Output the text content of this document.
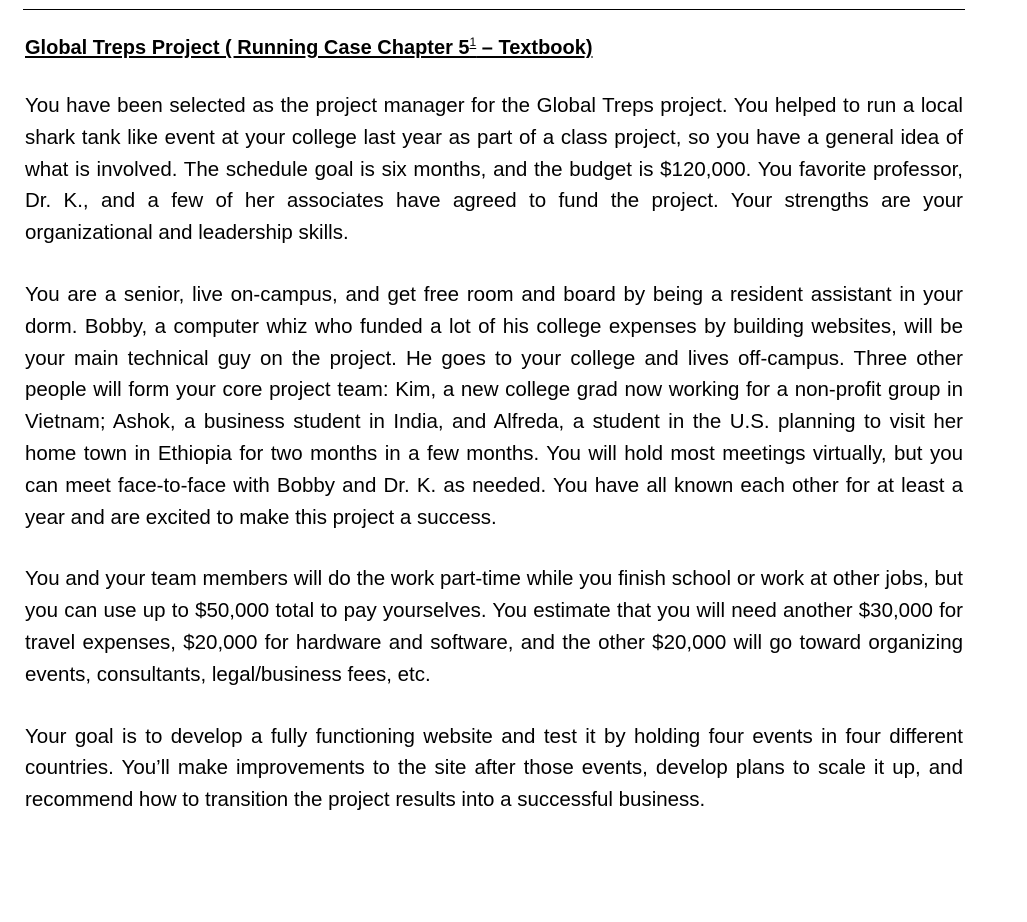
Global Treps Project ( Running Case Chapter $5^1$ – Textbook)

You have been selected as the project manager for the Global Treps project. You helped to run a local shark tank like event at your college last year as part of a class project, so you have a general idea of what is involved. The schedule goal is six months, and the budget is $120,000. You favorite professor, Dr. K., and a few of her associates have agreed to fund the project. Your strengths are your organizational and leadership skills.

You are a senior, live on-campus, and get free room and board by being a resident assistant in your dorm. Bobby, a computer whiz who funded a lot of his college expenses by building websites, will be your main technical guy on the project. He goes to your college and lives off-campus. Three other people will form your core project team: Kim, a new college grad now working for a non-profit group in Vietnam; Ashok, a business student in India, and Alfreda, a student in the U.S. planning to visit her home town in Ethiopia for two months in a few months. You will hold most meetings virtually, but you can meet face-to-face with Bobby and Dr. K. as needed. You have all known each other for at least a year and are excited to make this project a success.

You and your team members will do the work part-time while you finish school or work at other jobs, but you can use up to $50,000 total to pay yourselves. You estimate that you will need another $30,000 for travel expenses, $20,000 for hardware and software, and the other $20,000 will go toward organizing events, consultants, legal/business fees, etc.

Your goal is to develop a fully functioning website and test it by holding four events in four different countries. You’ll make improvements to the site after those events, develop plans to scale it up, and recommend how to transition the project results into a successful business.
